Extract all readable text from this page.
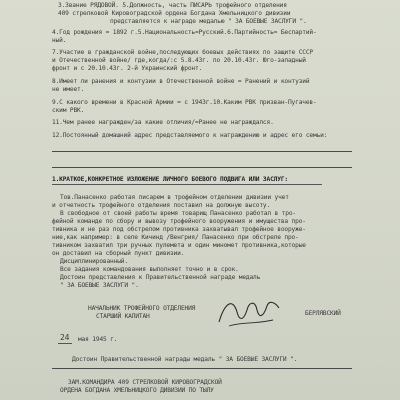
3.Звание РЯДОВОЙ. 5.Должность, часть ПИСАРЬ трофейного отделения
409 стрелковой Кировоградской ордена Богдана Хмельницкого дивизии
представляется к награде медалью " ЗА БОЕВЫЕ ЗАСЛУГИ ".
4.Год рождения = 1892 г.5.Национальность=Русский.6.Партийность= Беспартий-
ный.
7.Участие в гражданской войне,последующих боевых действиях по защите СССР
и Отечественной войне/ где,когда/:с 5.8.43г. по 20.10.43г. Юго-западный
фронт и с 20.10.43г. 2-й Украинский фронт.
8.Имеет ли ранения и контузии в Отечественной войне = Ранений и контузий
не имеет.
9.С какого времени в Красной Армии = с 1943г.10.Каким РВК призван-Пугачев-
ским РВК.
11.Чем ранее награжден/за какие отличия/=Ранее не награждался.
12.Постоянный домашний адрес представляемого к награждению и адрес его семьи:
1.КРАТКОЕ,КОНКРЕТНОЕ ИЗЛОЖЕНИЕ ЛИЧНОГО БОЕВОГО ПОДВИГА ИЛИ ЗАСЛУГ:
Тов.Панасенко работая писарем в трофейном отделении дивизии учет
и отчетность трофейного отделения поставил на должную высоту.
В свободное от своей работы время товарищ Панасенко работал в тро-
фейной команде по сбору и вывозу трофейного вооружения и имущества про-
тивника и не раз под обстрелом противника захватывал трофейное вооруже-
ние,как например: в селе Кичинд /Венгрия/ Панасенко при обстреле про-
тивником захватил три ручных пулемета и один миномет противника,которые
он доставил на сборный пункт дивизии.
Дисциплинированный.
Все задания командования выполняет точно и в срок.
Достоин представления к Правительственной награде медаль
" ЗА БОЕВЫЕ ЗАСЛУГИ ".
НАЧАЛЬНИК ТРОФЕЙНОГО ОТДЕЛЕНИЯ
СТАРШИЙ КАПИТАН	БЕРЛЯВСКИЙ
24 мая 1945 г.
Достоин Правительственной награды медаль " ЗА БОЕВЫЕ ЗАСЛУГИ ".
ЗАМ.КОМАНДИРА 409 СТРЕЛКОВОЙ КИРОВОГРАДСКОЙ
ОРДЕНА БОГДАНА ХМЕЛЬНИЦКОГО ДИВИЗИИ ПО ТЫЛУ
